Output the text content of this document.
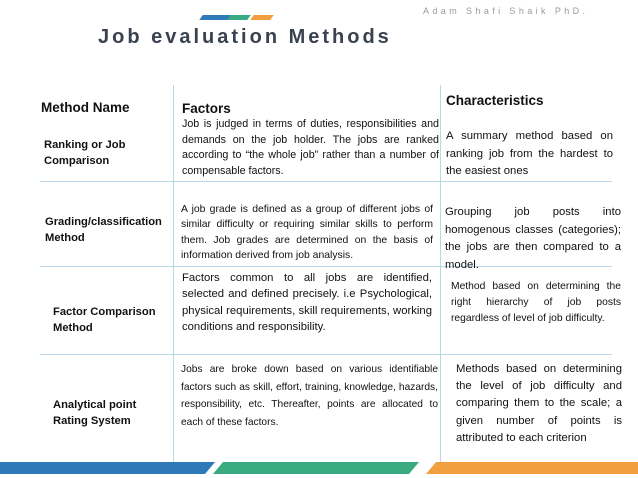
Adam Shafi Shaik PhD.
Job evaluation Methods
Method Name	Factors
Characteristics
Ranking or Job Comparison
Job is judged in terms of duties, responsibilities and demands on the job holder. The jobs are ranked according to “the whole job” rather than a number of compensable factors.
A summary method based on ranking job from the hardest to the easiest ones
Grading/classification Method
A job grade is defined as a group of different jobs of similar difficulty or requiring similar skills to perform them. Job grades are determined on the basis of information derived from job analysis.
Grouping job posts into homogenous classes (categories); the jobs are then compared to a model.
Factor Comparison Method
Factors common to all jobs are identified, selected and defined precisely. i.e Psychological, physical requirements, skill requirements, working conditions and responsibility.
Method based on determining the right hierarchy of job posts regardless of level of job difficulty.
Analytical point Rating System
Jobs are broke down based on various identifiable factors such as skill, effort, training, knowledge, hazards, responsibility, etc. Thereafter, points are allocated to each of these factors.
Methods based on determining the level of job difficulty and comparing them to the scale; a given number of points is attributed to each criterion
